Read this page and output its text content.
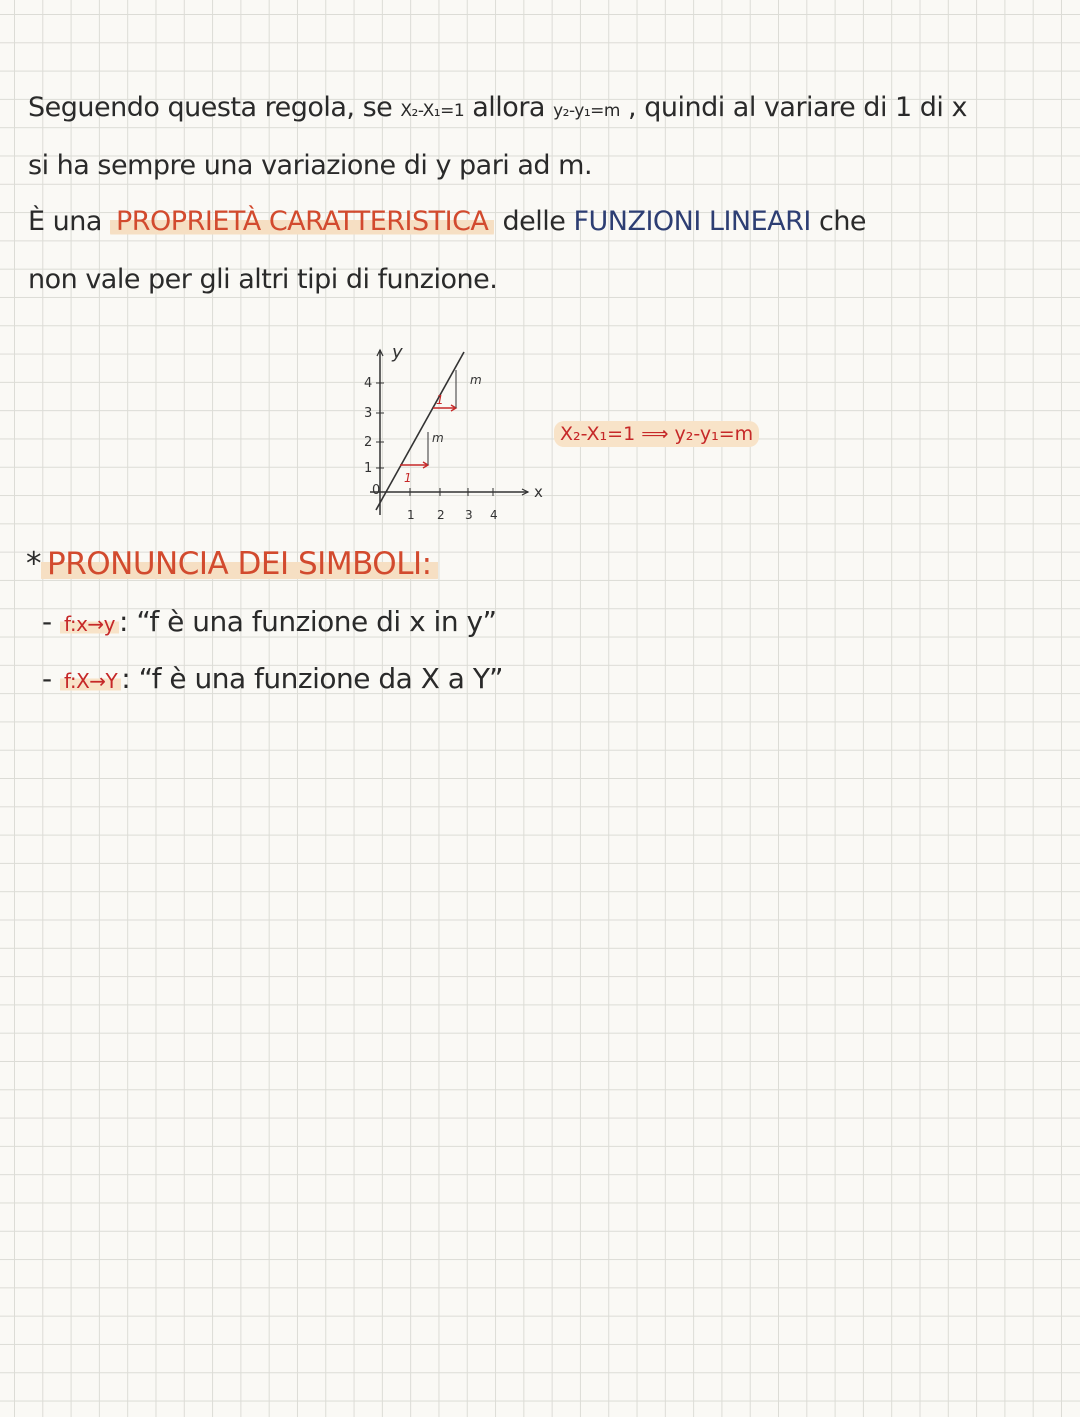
Seguendo questa regola, se X₂-X₁=1 allora y₂-y₁=m , quindi al variare di 1 di x
si ha sempre una variazione di y pari ad m.
È una PROPRIETÀ CARATTERISTICA delle FUNZIONI LINEARI che
non vale per gli altri tipi di funzione.
y
x
0
1
2
3
4
1 2 3 4
1
1
m
m
X₂-X₁=1 ⟹ y₂-y₁=m
* PRONUNCIA DEI SIMBOLI:
- f:x→y : “f è una funzione di x in y”
- f:X→Y : “f è una funzione da X a Y”
